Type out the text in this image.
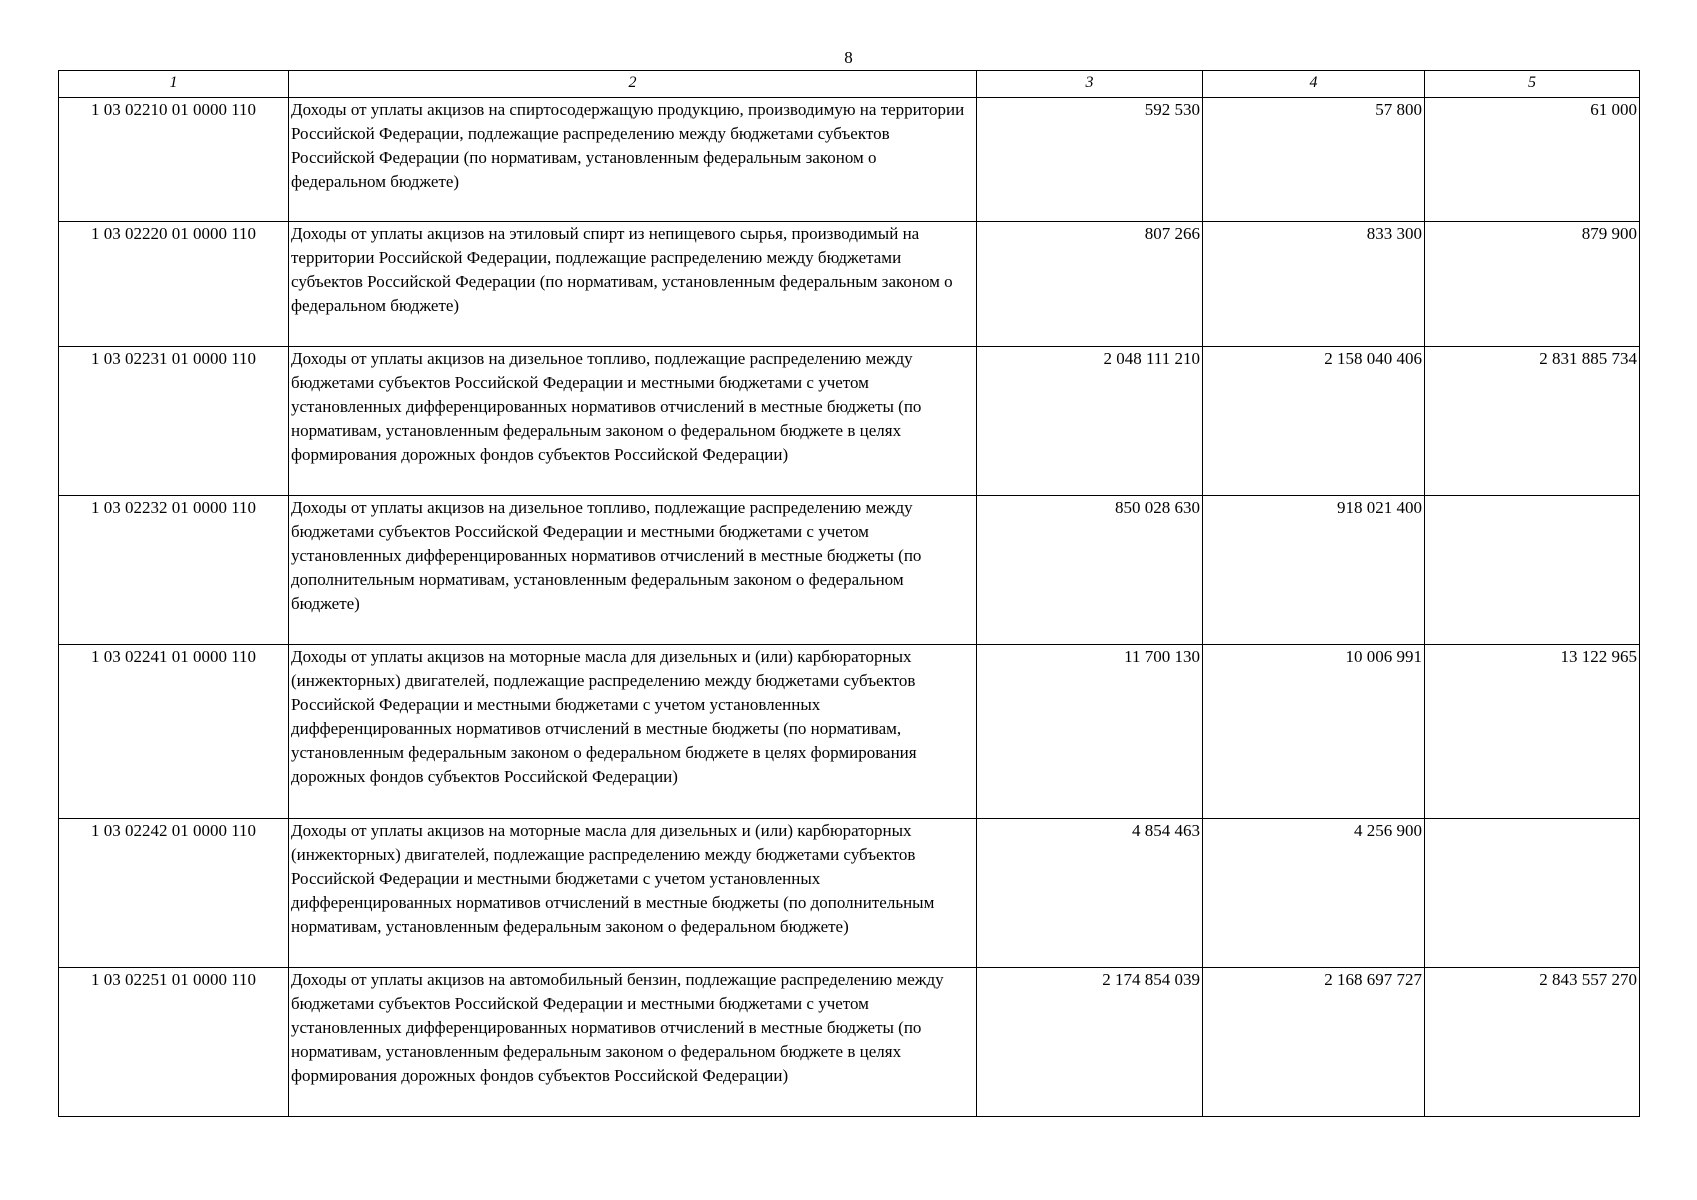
8
1	2	3	4	5
1 03 02210 01 0000 110	Доходы от уплаты акцизов на спиртосодержащую продукцию, производимую на территории Российской Федерации, подлежащие распределению между бюджетами субъектов Российской Федерации (по нормативам, установленным федеральным законом о федеральном бюджете)	592 530	57 800	61 000
1 03 02220 01 0000 110	Доходы от уплаты акцизов на этиловый спирт из непищевого сырья, производимый на территории Российской Федерации, подлежащие распределению между бюджетами субъектов Российской Федерации (по нормативам, установленным федеральным законом о федеральном бюджете)	807 266	833 300	879 900
1 03 02231 01 0000 110	Доходы от уплаты акцизов на дизельное топливо, подлежащие распределению между бюджетами субъектов Российской Федерации и местными бюджетами с учетом установленных дифференцированных нормативов отчислений в местные бюджеты (по нормативам, установленным федеральным законом о федеральном бюджете в целях формирования дорожных фондов субъектов Российской Федерации)	2 048 111 210	2 158 040 406	2 831 885 734
1 03 02232 01 0000 110	Доходы от уплаты акцизов на дизельное топливо, подлежащие распределению между бюджетами субъектов Российской Федерации и местными бюджетами с учетом установленных дифференцированных нормативов отчислений в местные бюджеты (по дополнительным нормативам, установленным федеральным законом о федеральном бюджете)	850 028 630	918 021 400	
1 03 02241 01 0000 110	Доходы от уплаты акцизов на моторные масла для дизельных и (или) карбюраторных (инжекторных) двигателей, подлежащие распределению между бюджетами субъектов Российской Федерации и местными бюджетами с учетом установленных дифференцированных нормативов отчислений в местные бюджеты (по нормативам, установленным федеральным законом о федеральном бюджете в целях формирования дорожных фондов субъектов Российской Федерации)	11 700 130	10 006 991	13 122 965
1 03 02242 01 0000 110	Доходы от уплаты акцизов на моторные масла для дизельных и (или) карбюраторных (инжекторных) двигателей, подлежащие распределению между бюджетами субъектов Российской Федерации и местными бюджетами с учетом установленных дифференцированных нормативов отчислений в местные бюджеты (по дополнительным нормативам, установленным федеральным законом о федеральном бюджете)	4 854 463	4 256 900	
1 03 02251 01 0000 110	Доходы от уплаты акцизов на автомобильный бензин, подлежащие распределению между бюджетами субъектов Российской Федерации и местными бюджетами с учетом установленных дифференцированных нормативов отчислений в местные бюджеты (по нормативам, установленным федеральным законом о федеральном бюджете в целях формирования дорожных фондов субъектов Российской Федерации)	2 174 854 039	2 168 697 727	2 843 557 270
